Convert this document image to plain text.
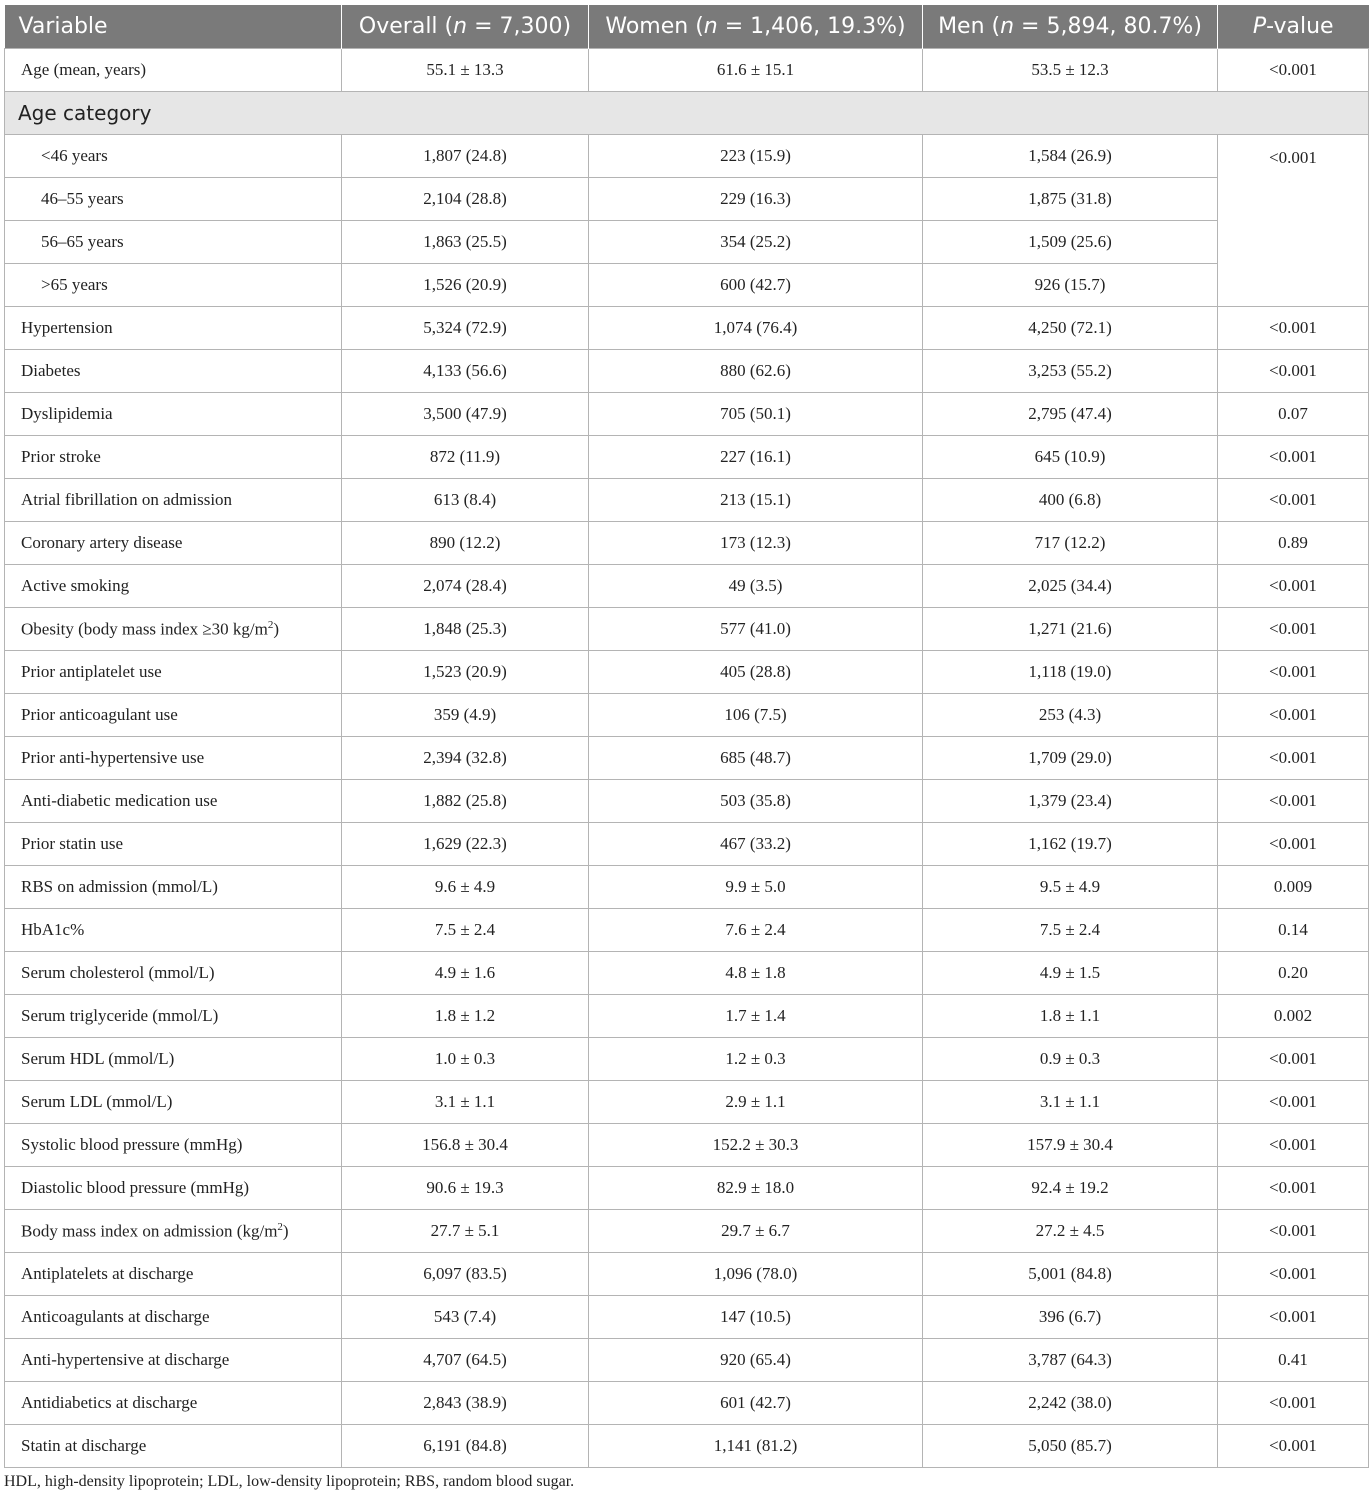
Variable	Overall (n = 7,300)	Women (n = 1,406, 19.3%)	Men (n = 5,894, 80.7%)	P-value
Age (mean, years)	55.1 ± 13.3	61.6 ± 15.1	53.5 ± 12.3	<0.001
Age category				
<46 years	1,807 (24.8)	223 (15.9)	1,584 (26.9)	<0.001
46–55 years	2,104 (28.8)	229 (16.3)	1,875 (31.8)	
56–65 years	1,863 (25.5)	354 (25.2)	1,509 (25.6)	
>65 years	1,526 (20.9)	600 (42.7)	926 (15.7)	
Hypertension	5,324 (72.9)	1,074 (76.4)	4,250 (72.1)	<0.001
Diabetes	4,133 (56.6)	880 (62.6)	3,253 (55.2)	<0.001
Dyslipidemia	3,500 (47.9)	705 (50.1)	2,795 (47.4)	0.07
Prior stroke	872 (11.9)	227 (16.1)	645 (10.9)	<0.001
Atrial fibrillation on admission	613 (8.4)	213 (15.1)	400 (6.8)	<0.001
Coronary artery disease	890 (12.2)	173 (12.3)	717 (12.2)	0.89
Active smoking	2,074 (28.4)	49 (3.5)	2,025 (34.4)	<0.001
Obesity (body mass index ≥30 $kg/m^2$)	1,848 (25.3)	577 (41.0)	1,271 (21.6)	<0.001
Prior antiplatelet use	1,523 (20.9)	405 (28.8)	1,118 (19.0)	<0.001
Prior anticoagulant use	359 (4.9)	106 (7.5)	253 (4.3)	<0.001
Prior anti-hypertensive use	2,394 (32.8)	685 (48.7)	1,709 (29.0)	<0.001
Anti-diabetic medication use	1,882 (25.8)	503 (35.8)	1,379 (23.4)	<0.001
Prior statin use	1,629 (22.3)	467 (33.2)	1,162 (19.7)	<0.001
RBS on admission (mmol/L)	9.6 ± 4.9	9.9 ± 5.0	9.5 ± 4.9	0.009
HbA1c%	7.5 ± 2.4	7.6 ± 2.4	7.5 ± 2.4	0.14
Serum cholesterol (mmol/L)	4.9 ± 1.6	4.8 ± 1.8	4.9 ± 1.5	0.20
Serum triglyceride (mmol/L)	1.8 ± 1.2	1.7 ± 1.4	1.8 ± 1.1	0.002
Serum HDL (mmol/L)	1.0 ± 0.3	1.2 ± 0.3	0.9 ± 0.3	<0.001
Serum LDL (mmol/L)	3.1 ± 1.1	2.9 ± 1.1	3.1 ± 1.1	<0.001
Systolic blood pressure (mmHg)	156.8 ± 30.4	152.2 ± 30.3	157.9 ± 30.4	<0.001
Diastolic blood pressure (mmHg)	90.6 ± 19.3	82.9 ± 18.0	92.4 ± 19.2	<0.001
Body mass index on admission $(kg/m^2)$	27.7 ± 5.1	29.7 ± 6.7	27.2 ± 4.5	<0.001
Antiplatelets at discharge	6,097 (83.5)	1,096 (78.0)	5,001 (84.8)	<0.001
Anticoagulants at discharge	543 (7.4)	147 (10.5)	396 (6.7)	<0.001
Anti-hypertensive at discharge	4,707 (64.5)	920 (65.4)	3,787 (64.3)	0.41
Antidiabetics at discharge	2,843 (38.9)	601 (42.7)	2,242 (38.0)	<0.001
Statin at discharge	6,191 (84.8)	1,141 (81.2)	5,050 (85.7)	<0.001

HDL, high-density lipoprotein; LDL, low-density lipoprotein; RBS, random blood sugar.
